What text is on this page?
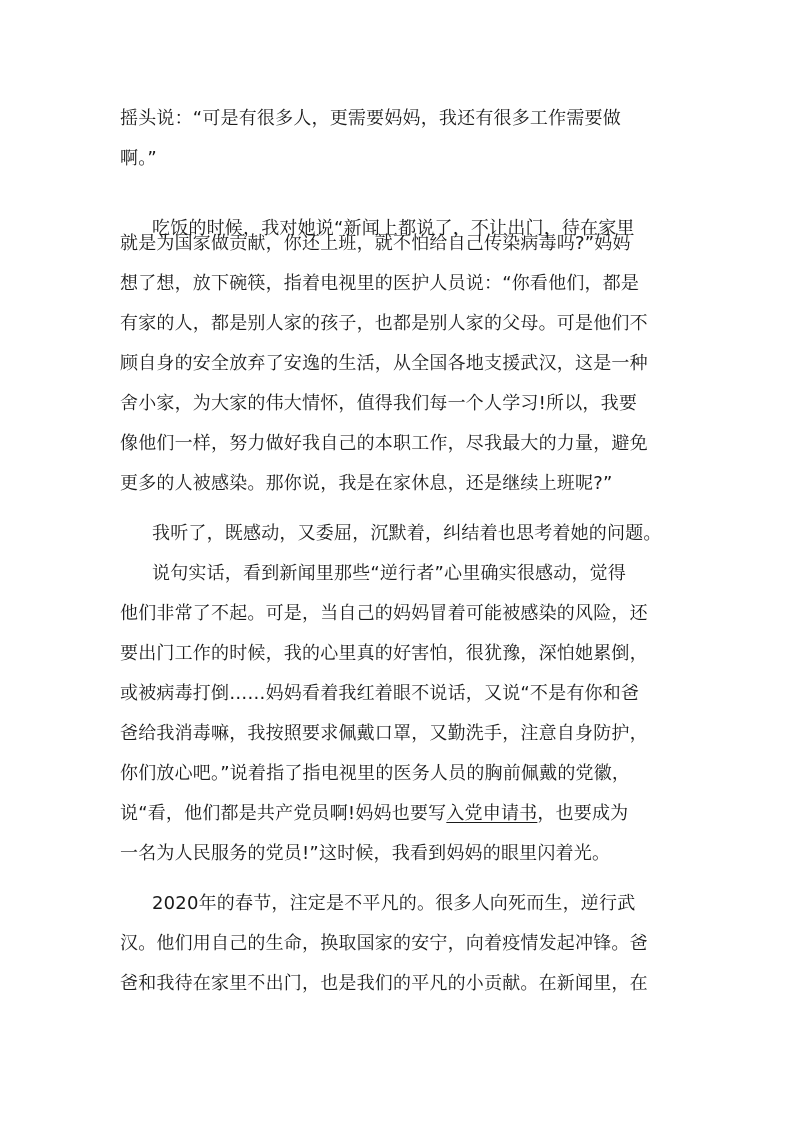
摇头说：“可是有很多人，更需要妈妈，我还有很多工作需要做
啊。”
吃饭的时候，我对她说“新闻上都说了，不让出门，待在家里
就是为国家做贡献，你还上班，就不怕给自己传染病毒吗?”妈妈
想了想，放下碗筷，指着电视里的医护人员说：“你看他们，都是
有家的人，都是别人家的孩子，也都是别人家的父母。可是他们不
顾自身的安全放弃了安逸的生活，从全国各地支援武汉，这是一种
舍小家，为大家的伟大情怀，值得我们每一个人学习!所以，我要
像他们一样，努力做好我自己的本职工作，尽我最大的力量，避免
更多的人被感染。那你说，我是在家休息，还是继续上班呢?”
我听了，既感动，又委屈，沉默着，纠结着也思考着她的问题。
说句实话，看到新闻里那些“逆行者”心里确实很感动，觉得
他们非常了不起。可是，当自己的妈妈冒着可能被感染的风险，还
要出门工作的时候，我的心里真的好害怕，很犹豫，深怕她累倒，
或被病毒打倒……妈妈看着我红着眼不说话，又说“不是有你和爸
爸给我消毒嘛，我按照要求佩戴口罩，又勤洗手，注意自身防护，
你们放心吧。”说着指了指电视里的医务人员的胸前佩戴的党徽，
说“看，他们都是共产党员啊!妈妈也要写入党申请书，也要成为
一名为人民服务的党员!”这时候，我看到妈妈的眼里闪着光。
2020年的春节，注定是不平凡的。很多人向死而生，逆行武
汉。他们用自己的生命，换取国家的安宁，向着疫情发起冲锋。爸
爸和我待在家里不出门，也是我们的平凡的小贡献。在新闻里，在
